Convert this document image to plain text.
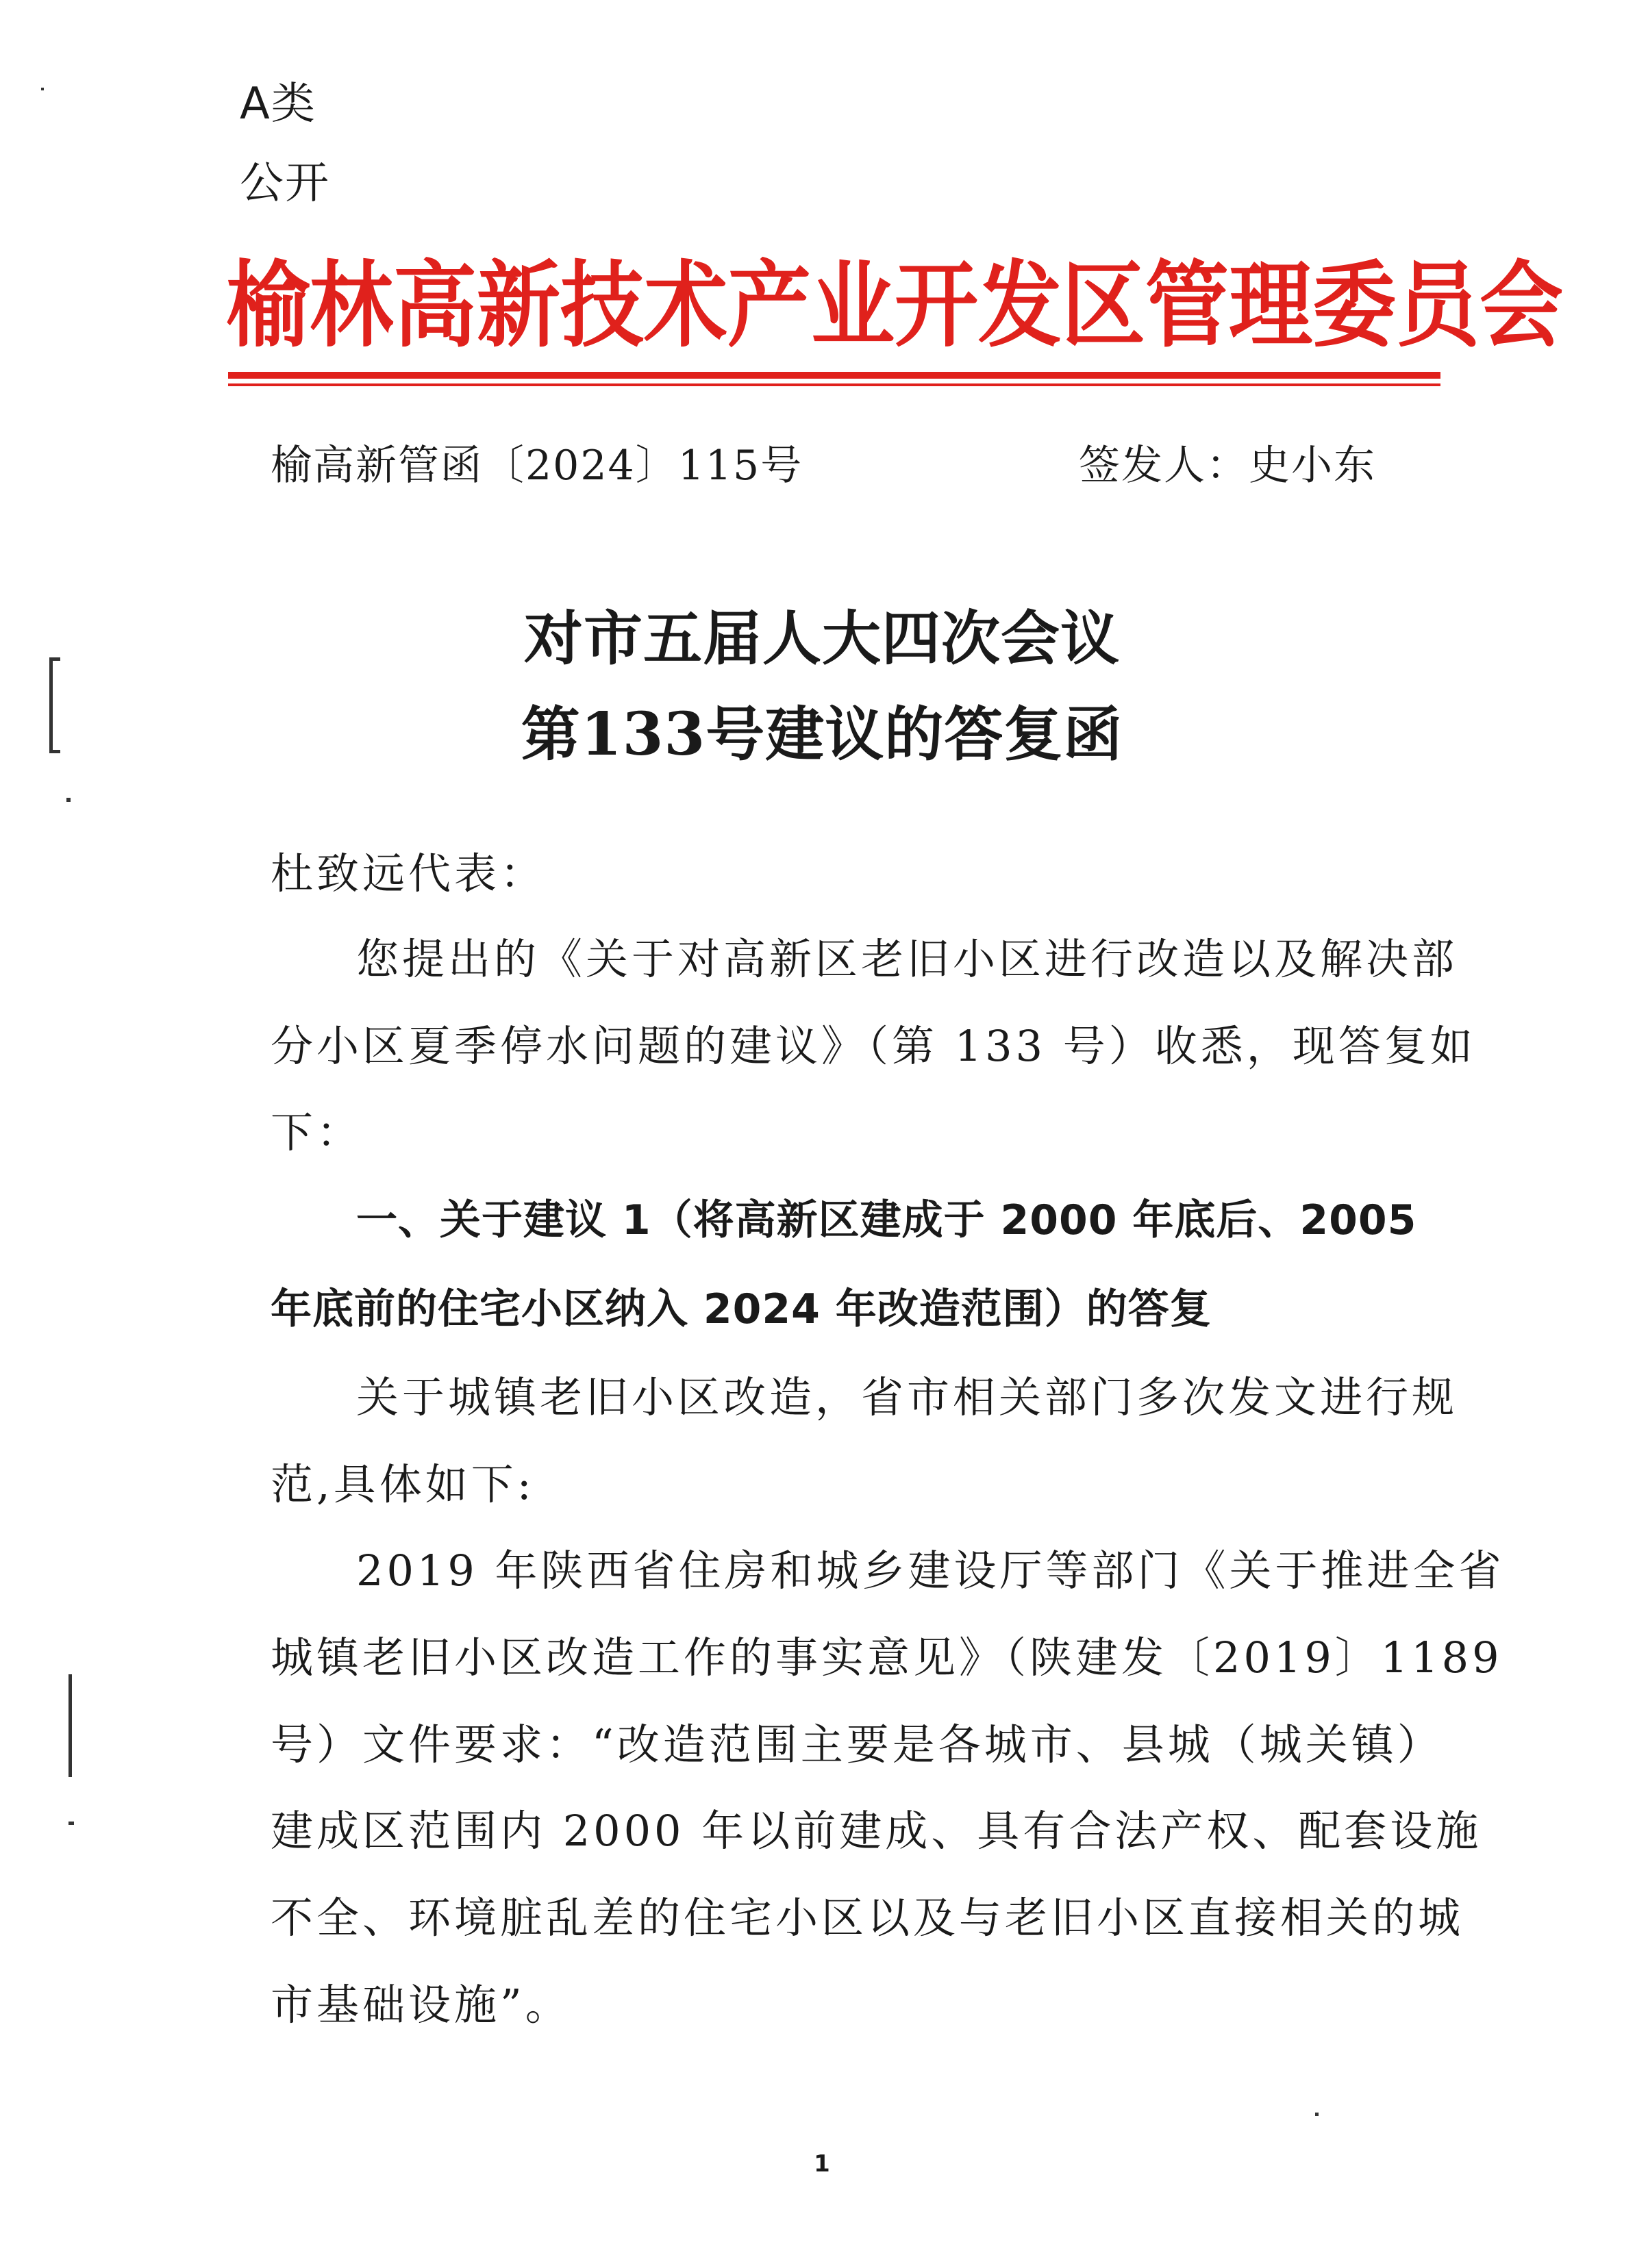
A类
公开
榆林高新技术产业开发区管理委员会
榆高新管函〔2024〕115号	签发人：史小东
对市五届人大四次会议
第133号建议的答复函
杜致远代表：
您提出的《关于对高新区老旧小区进行改造以及解决部
分小区夏季停水问题的建议》（第 133 号）收悉，现答复如
下：
一、关于建议 1（将高新区建成于 2000 年底后、2005
年底前的住宅小区纳入 2024 年改造范围）的答复
关于城镇老旧小区改造，省市相关部门多次发文进行规
范,具体如下:
2019 年陕西省住房和城乡建设厅等部门《关于推进全省
城镇老旧小区改造工作的事实意见》（陕建发〔2019〕1189
号）文件要求：“改造范围主要是各城市、县城（城关镇）
建成区范围内 2000 年以前建成、具有合法产权、配套设施
不全、环境脏乱差的住宅小区以及与老旧小区直接相关的城
市基础设施”。
1
